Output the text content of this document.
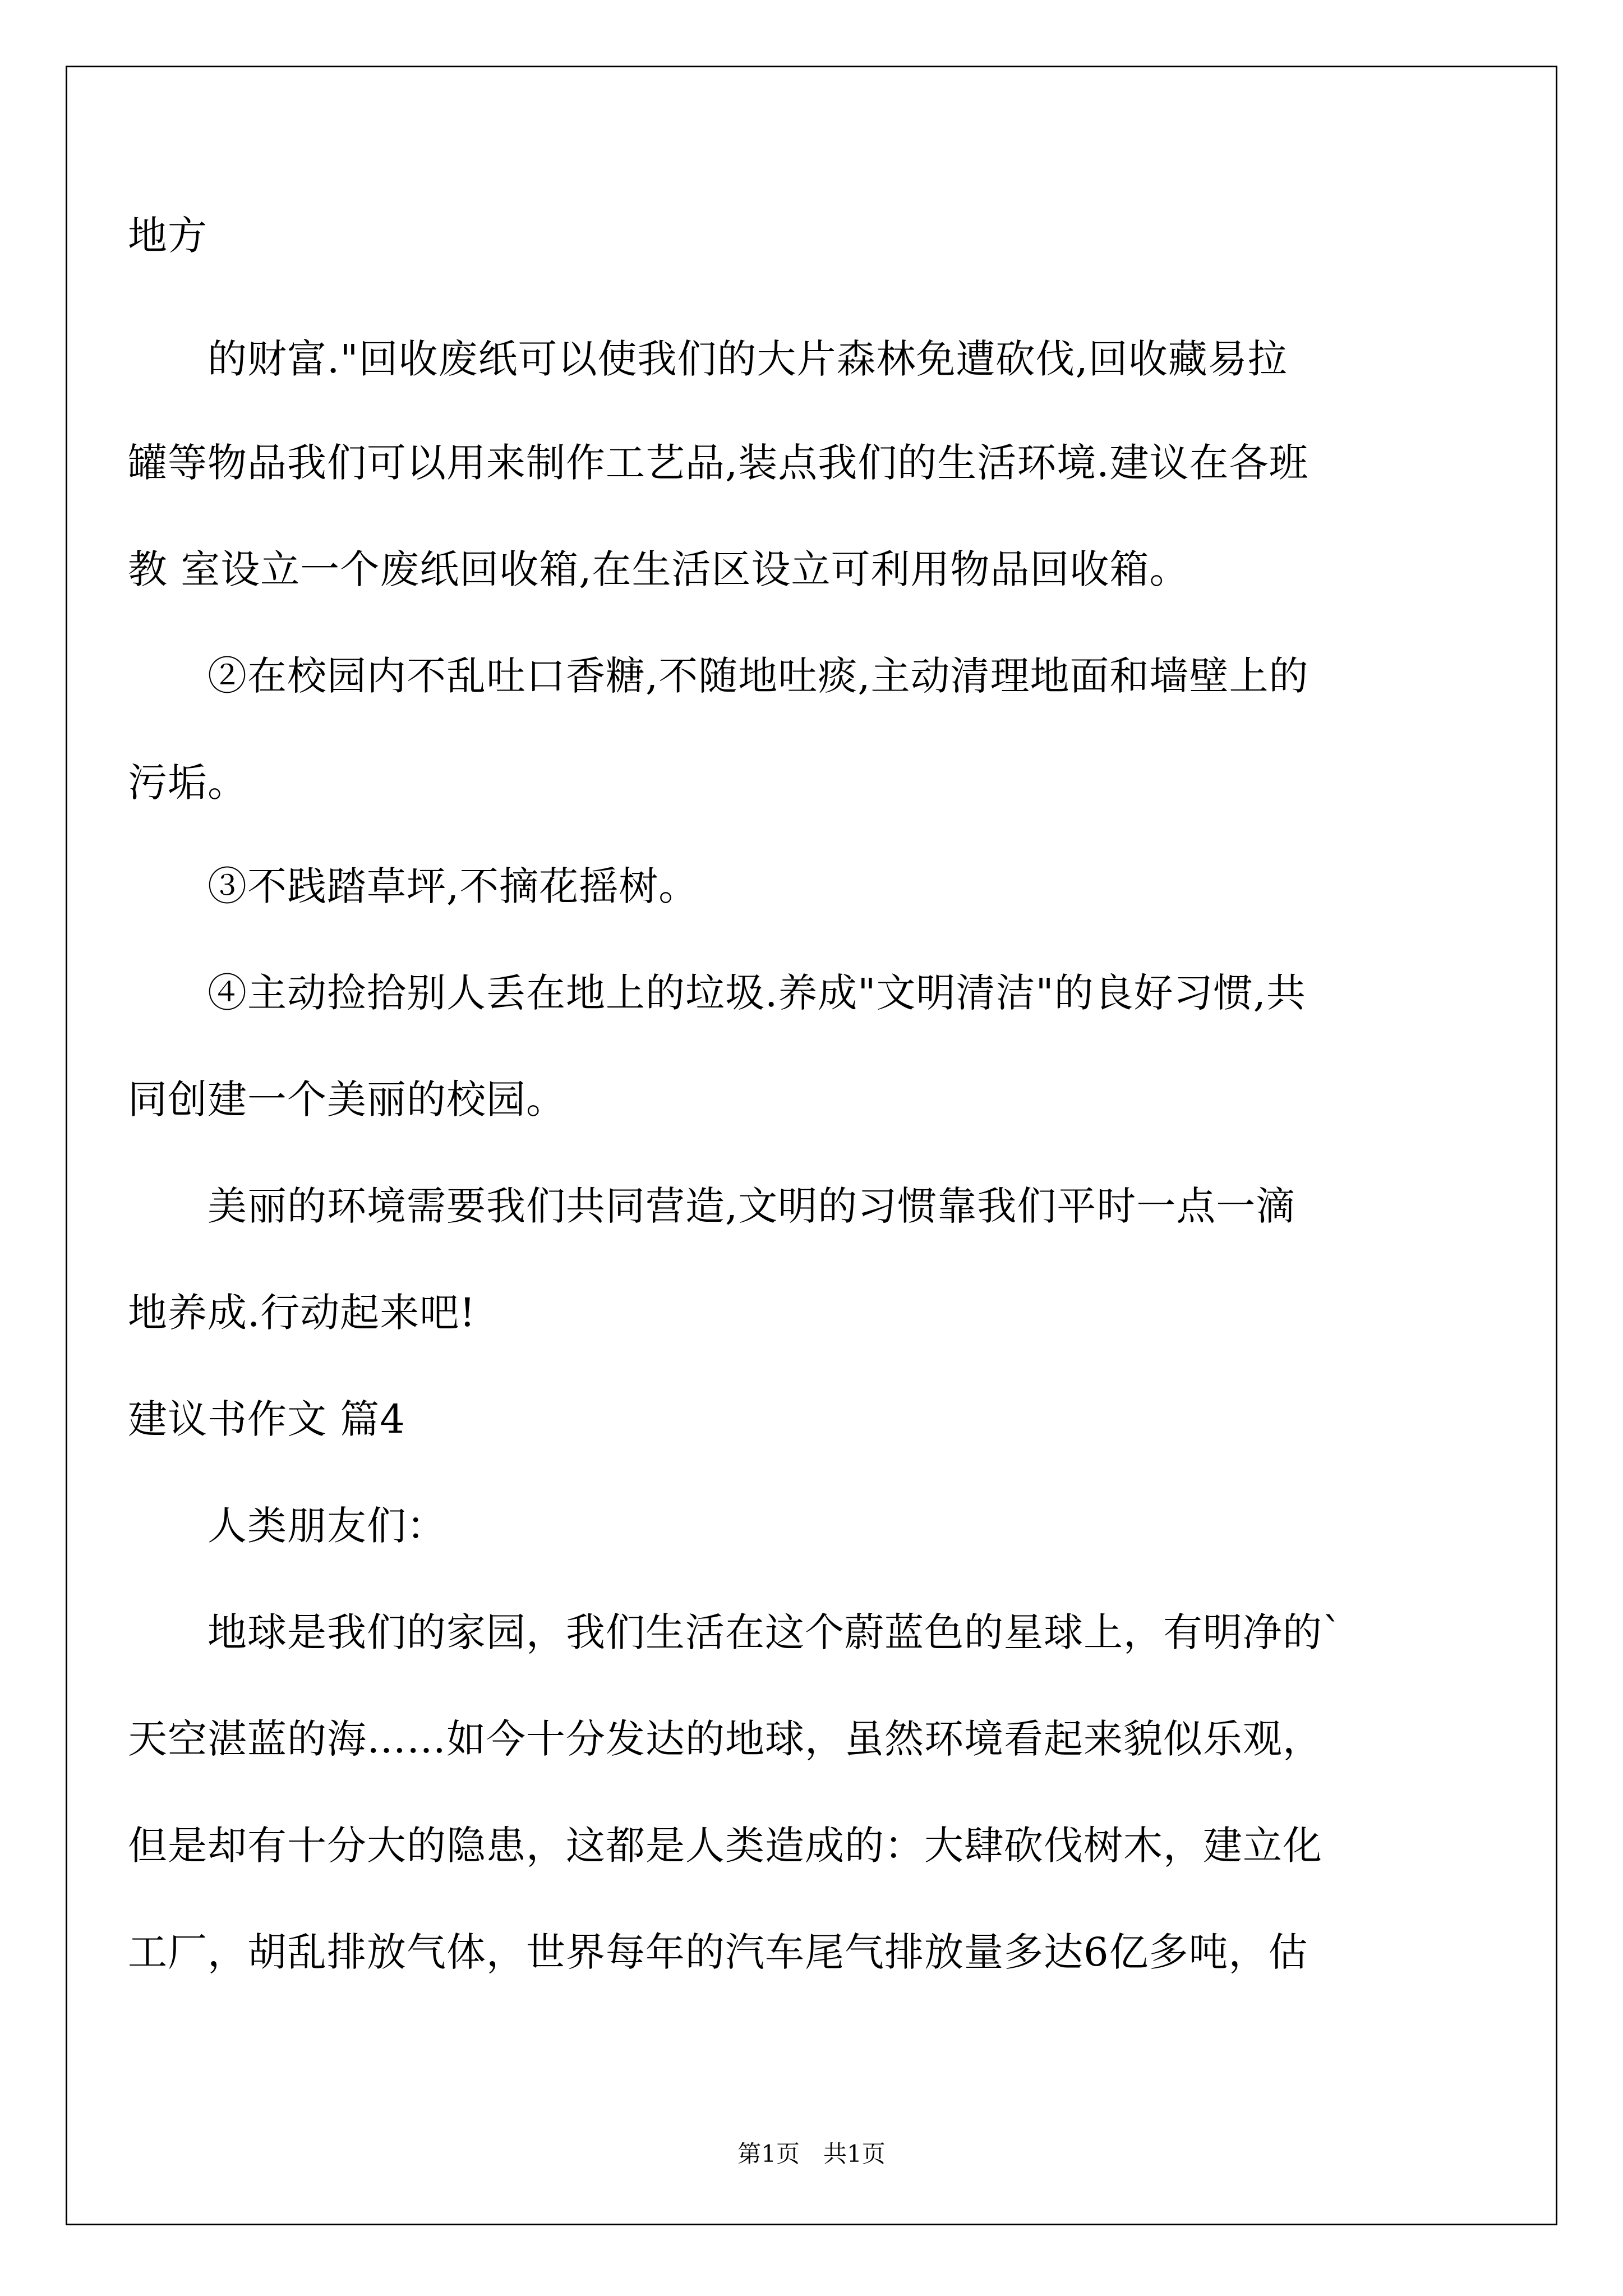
地方
　　的财富."回收废纸可以使我们的大片森林免遭砍伐,回收藏易拉
罐等物品我们可以用来制作工艺品,装点我们的生活环境.建议在各班
教 室设立一个废纸回收箱,在生活区设立可利用物品回收箱。
　　②在校园内不乱吐口香糖,不随地吐痰,主动清理地面和墙壁上的
污垢。
　　③不践踏草坪,不摘花摇树。
　　④主动捡拾别人丢在地上的垃圾.养成"文明清洁"的良好习惯,共
同创建一个美丽的校园。
　　美丽的环境需要我们共同营造,文明的习惯靠我们平时一点一滴
地养成.行动起来吧!
建议书作文 篇4
　　人类朋友们：
　　地球是我们的家园，我们生活在这个蔚蓝色的星球上，有明净的`
天空湛蓝的海……如今十分发达的地球，虽然环境看起来貌似乐观，
但是却有十分大的隐患，这都是人类造成的：大肆砍伐树木，建立化
工厂，胡乱排放气体，世界每年的汽车尾气排放量多达6亿多吨，估
第1页　共1页
